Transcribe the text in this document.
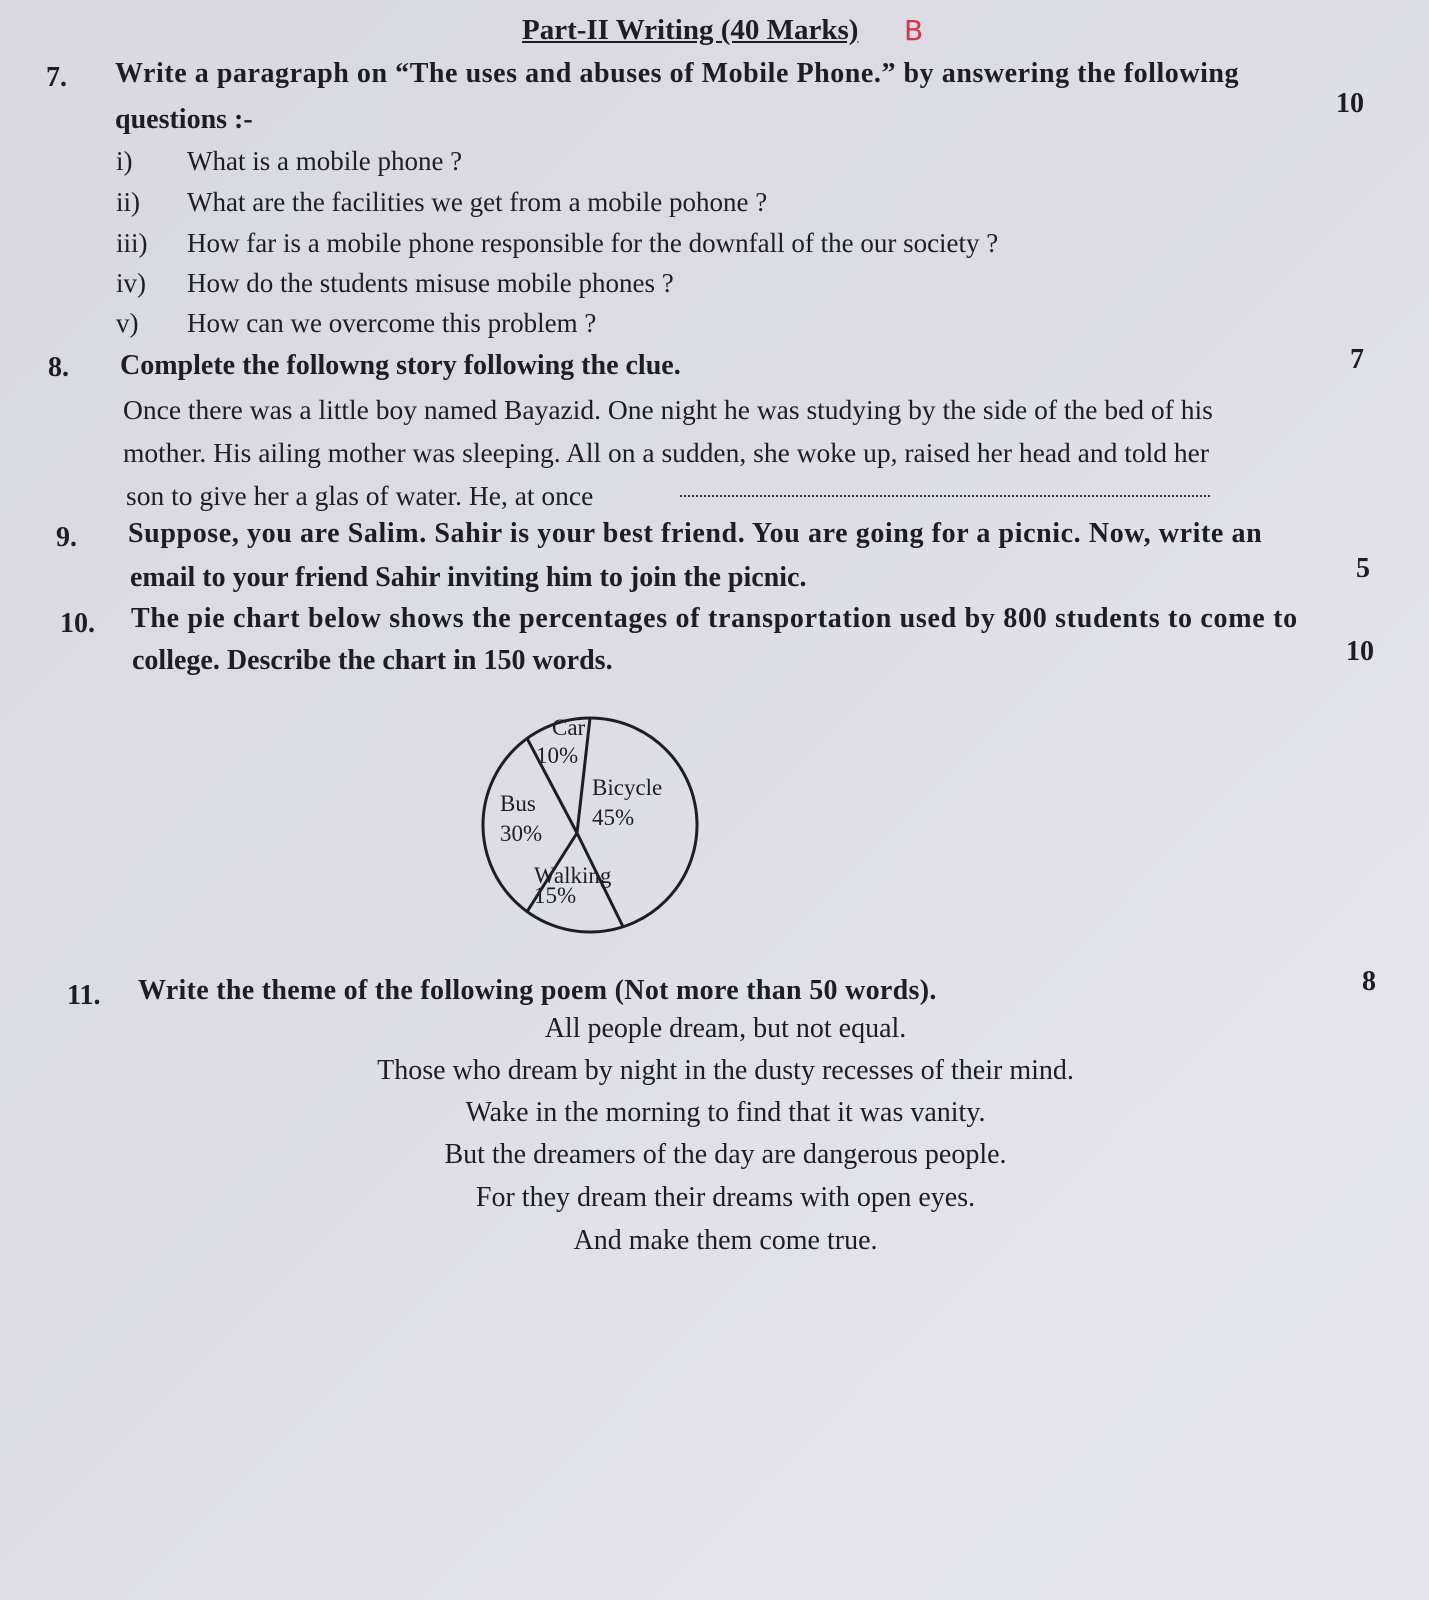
Part-II Writing (40 Marks) B
7. Write a paragraph on “The uses and abuses of Mobile Phone.” by answering the following
questions :-
10
i) What is a mobile phone ?
ii) What are the facilities we get from a mobile pohone ?
iii) How far is a mobile phone responsible for the downfall of the our society ?
iv) How do the students misuse mobile phones ?
v) How can we overcome this problem ?
8. Complete the followng story following the clue.	7
Once there was a little boy named Bayazid. One night he was studying by the side of the bed of his
mother. His ailing mother was sleeping. All on a sudden, she woke up, raised her head and told her
son to give her a glas of water. He, at once
9. Suppose, you are Salim. Sahir is your best friend. You are going for a picnic. Now, write an
email to your friend Sahir inviting him to join the picnic.	5
10. The pie chart below shows the percentages of transportation used by 800 students to come to
college. Describe the chart in 150 words.	10
Bicycle
45%
Walking
15%
Bus
30%
Car
10%
11. Write the theme of the following poem (Not more than 50 words).	8
All people dream, but not equal.
Those who dream by night in the dusty recesses of their mind.
Wake in the morning to find that it was vanity.
But the dreamers of the day are dangerous people.
For they dream their dreams with open eyes.
And make them come true.
